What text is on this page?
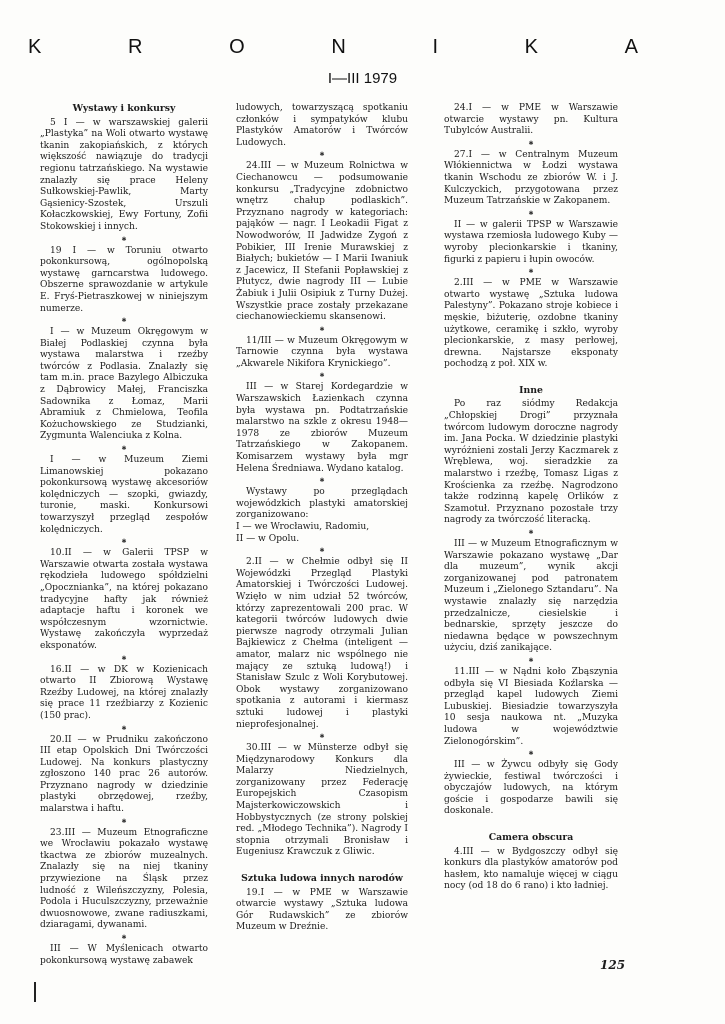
K	R	O	N	I	K	A
I—III 1979
Wystawy i konkursy

5 I — w warszawskiej galerii „Plastyka” na Woli otwarto wystawę tkanin zakopiańskich, z których większość nawiązuje do tradycji regionu tatrzańskiego. Na wystawie znalazły się prace Heleny Sułkowskiej-Pawlik, Marty Gąsienicy-Szostek, Urszuli Kołaczkowskiej, Ewy Fortuny, Zofii Stokowskiej i innych.

✱

19 I — w Toruniu otwarto pokonkursową, ogólnopolską wystawę garncarstwa ludowego. Obszerne sprawozdanie w artykule E. Fryś-Pietraszkowej w niniejszym numerze.

✱

I — w Muzeum Okręgowym w Białej Podlaskiej czynna była wystawa malarstwa i rzeźby twórców z Podlasia. Znalazły się tam m.in. prace Bazylego Albiczuka z Dąbrowicy Małej, Franciszka Sadownika z Łomaz, Marii Abramiuk z Chmielowa, Teofila Kożuchowskiego ze Studzianki, Zygmunta Walenciuka z Kolna.

✱

I — w Muzeum Ziemi Limanowskiej pokazano pokonkursową wystawę akcesoriów kolędniczych — szopki, gwiazdy, turonie, maski. Konkursowi towarzyszył przegląd zespołów kolędniczych.

✱

10.II — w Galerii TPSP w Warszawie otwarta została wystawa rękodzieła ludowego spółdzielni „Opocznianka”, na której pokazano tradycyjne hafty jak również adaptacje haftu i koronek we współczesnym wzornictwie. Wystawę zakończyła wyprzedaż eksponatów.

✱

16.II — w DK w Kozienicach otwarto II Zbiorową Wystawę Rzeźby Ludowej, na której znalazły się prace 11 rzeźbiarzy z Kozienic (150 prac).

✱

20.II — w Prudniku zakończono III etap Opolskich Dni Twórczości Ludowej. Na konkurs plastyczny zgłoszono 140 prac 26 autorów. Przyznano nagrody w dziedzinie plastyki obrzędowej, rzeźby, malarstwa i haftu.

✱

23.III — Muzeum Etnograficzne we Wrocławiu pokazało wystawę tkactwa ze zbiorów muzealnych. Znalazły się na niej tkaniny przywiezione na Śląsk przez ludność z Wileńszczyzny, Polesia, Podola i Huculszczyzny, przeważnie dwuosnowowe, zwane radiuszkami, dziaragami, dywanami.

✱

III — W Myślenicach otwarto pokonkursową wystawę zabawek

ludowych, towarzyszącą spotkaniu członków i sympatyków klubu Plastyków Amatorów i Twórców Ludowych.

✱

24.III — w Muzeum Rolnictwa w Ciechanowcu — podsumowanie konkursu „Tradycyjne zdobnictwo wnętrz chałup podlaskich”. Przyznano nagrody w kategoriach: pająków — nagr. I Leokadii Figat z Nowodworów, II Jadwidze Zygoń z Pobikier, III Irenie Murawskiej z Białych; bukietów — I Marii Iwaniuk z Jacewicz, II Stefanii Popławskiej z Płutycz, dwie nagrody III — Lubie Żabiuk i Julii Osipiuk z Turny Dużej. Wszystkie prace zostały przekazane ciechanowieckiemu skansenowi.

✱

11/III — w Muzeum Okręgowym w Tarnowie czynna była wystawa „Akwarele Nikifora Krynickiego”.

✱

III — w Starej Kordegardzie w Warszawskich Łazienkach czynna była wystawa pn. Podtatrzańskie malarstwo na szkle z okresu 1948—1978 ze zbiorów Muzeum Tatrzańskiego w Zakopanem. Komisarzem wystawy była mgr Helena Średniawa. Wydano katalog.

✱

Wystawy po przeglądach wojewódzkich plastyki amatorskiej zorganizowano:
I — we Wrocławiu, Radomiu,
II — w Opolu.

✱

2.II — w Chełmie odbył się II Wojewódzki Przegląd Plastyki Amatorskiej i Twórczości Ludowej. Wzięło w nim udział 52 twórców, którzy zaprezentowali 200 prac. W kategorii twórców ludowych dwie pierwsze nagrody otrzymali Julian Bajkiewicz z Chełma (inteligent — amator, malarz nic wspólnego nie mający ze sztuką ludową!) i Stanisław Szulc z Woli Korybutowej. Obok wystawy zorganizowano spotkania z autorami i kiermasz sztuki ludowej i plastyki nieprofesjonalnej.

✱

30.III — w Münsterze odbył się Międzynarodowy Konkurs dla Malarzy Niedzielnych, zorganizowany przez Federację Europejskich Czasopism Majsterkowiczowskich i Hobbystycznych (ze strony polskiej red. „Młodego Technika”). Nagrody I stopnia otrzymali Bronisław i Eugeniusz Krawczuk z Gliwic.

Sztuka ludowa innych narodów

19.I — w PME w Warszawie otwarcie wystawy „Sztuka ludowa Gór Rudawskich” ze zbiorów Muzeum w Dreźnie.

24.I — w PME w Warszawie otwarcie wystawy pn. Kultura Tubylców Australii.

✱

27.I — w Centralnym Muzeum Włókiennictwa w Łodzi wystawa tkanin Wschodu ze zbiorów W. i J. Kulczyckich, przygotowana przez Muzeum Tatrzańskie w Zakopanem.

✱

II — w galerii TPSP w Warszawie wystawa rzemiosła ludowego Kuby — wyroby plecionkarskie i tkaniny, figurki z papieru i łupin owoców.

✱

2.III — w PME w Warszawie otwarto wystawę „Sztuka ludowa Palestyny”. Pokazano stroje kobiece i męskie, biżuterię, ozdobne tkaniny użytkowe, ceramikę i szkło, wyroby plecionkarskie, z masy perłowej, drewna. Najstarsze eksponaty pochodzą z poł. XIX w.

Inne

Po raz siódmy Redakcja „Chłopskiej Drogi” przyznała twórcom ludowym doroczne nagrody im. Jana Pocka. W dziedzinie plastyki wyróżnieni zostali Jerzy Kaczmarek z Wręblewa, woj. sieradzkie za malarstwo i rzeźbę, Tomasz Ligas z Krościenka za rzeźbę. Nagrodzono także rodzinną kapelę Orlików z Szamotuł. Przyznano pozostałe trzy nagrody za twórczość literacką.

✱

III — w Muzeum Etnograficznym w Warszawie pokazano wystawę „Dar dla muzeum”, wynik akcji zorganizowanej pod patronatem Muzeum i „Zielonego Sztandaru”. Na wystawie znalazły się narzędzia przedzalnicze, ciesielskie i bednarskie, sprzęty jeszcze do niedawna będące w powszechnym użyciu, dziś zanikające.

✱

11.III — w Nądni koło Zbąszynia odbyła się VI Biesiada Koźlarska — przegląd kapel ludowych Ziemi Lubuskiej. Biesiadzie towarzyszyła 10 sesja naukowa nt. „Muzyka ludowa w województwie Zielonogórskim”.

✱

III — w Żywcu odbyły się Gody żywieckie, festiwal twórczości i obyczajów ludowych, na którym goście i gospodarze bawili się doskonale.

Camera obscura

4.III — w Bydgoszczy odbył się konkurs dla plastyków amatorów pod hasłem, kto namaluje więcej w ciągu nocy (od 18 do 6 rano) i kto ładniej.

125
